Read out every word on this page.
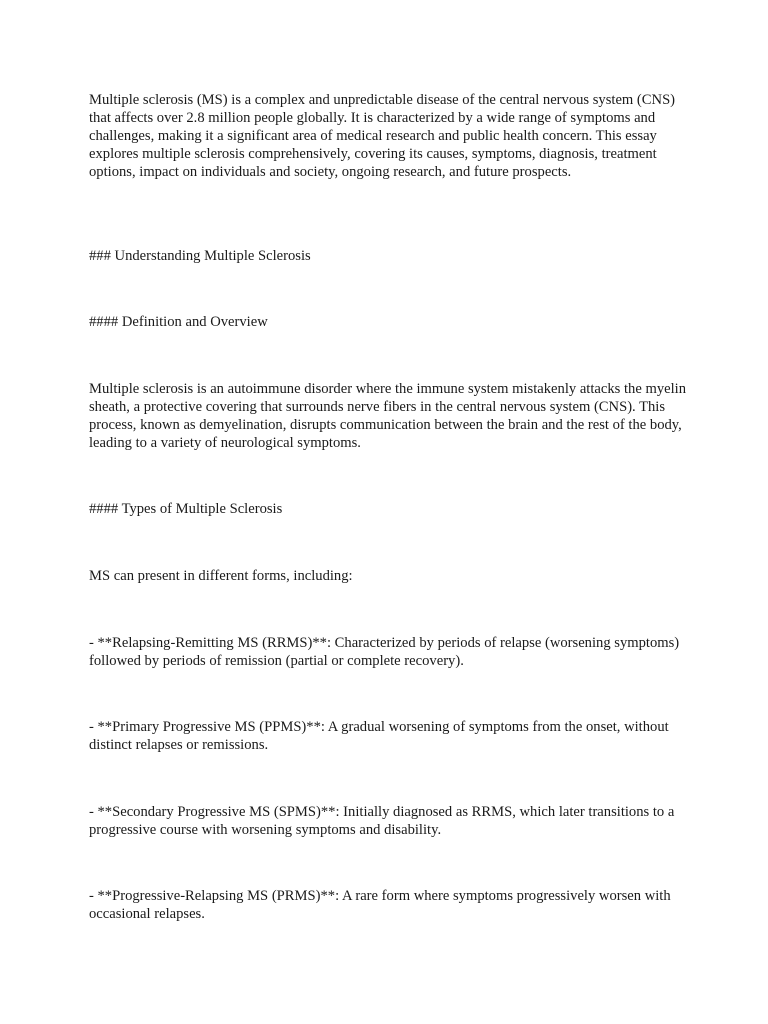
Multiple sclerosis (MS) is a complex and unpredictable disease of the central nervous system (CNS) that affects over 2.8 million people globally. It is characterized by a wide range of symptoms and challenges, making it a significant area of medical research and public health concern. This essay explores multiple sclerosis comprehensively, covering its causes, symptoms, diagnosis, treatment options, impact on individuals and society, ongoing research, and future prospects.

### Understanding Multiple Sclerosis

#### Definition and Overview

Multiple sclerosis is an autoimmune disorder where the immune system mistakenly attacks the myelin sheath, a protective covering that surrounds nerve fibers in the central nervous system (CNS). This process, known as demyelination, disrupts communication between the brain and the rest of the body, leading to a variety of neurological symptoms.

#### Types of Multiple Sclerosis

MS can present in different forms, including:

- **Relapsing-Remitting MS (RRMS)**: Characterized by periods of relapse (worsening symptoms) followed by periods of remission (partial or complete recovery).

- **Primary Progressive MS (PPMS)**: A gradual worsening of symptoms from the onset, without distinct relapses or remissions.

- **Secondary Progressive MS (SPMS)**: Initially diagnosed as RRMS, which later transitions to a progressive course with worsening symptoms and disability.

- **Progressive-Relapsing MS (PRMS)**: A rare form where symptoms progressively worsen with occasional relapses.
